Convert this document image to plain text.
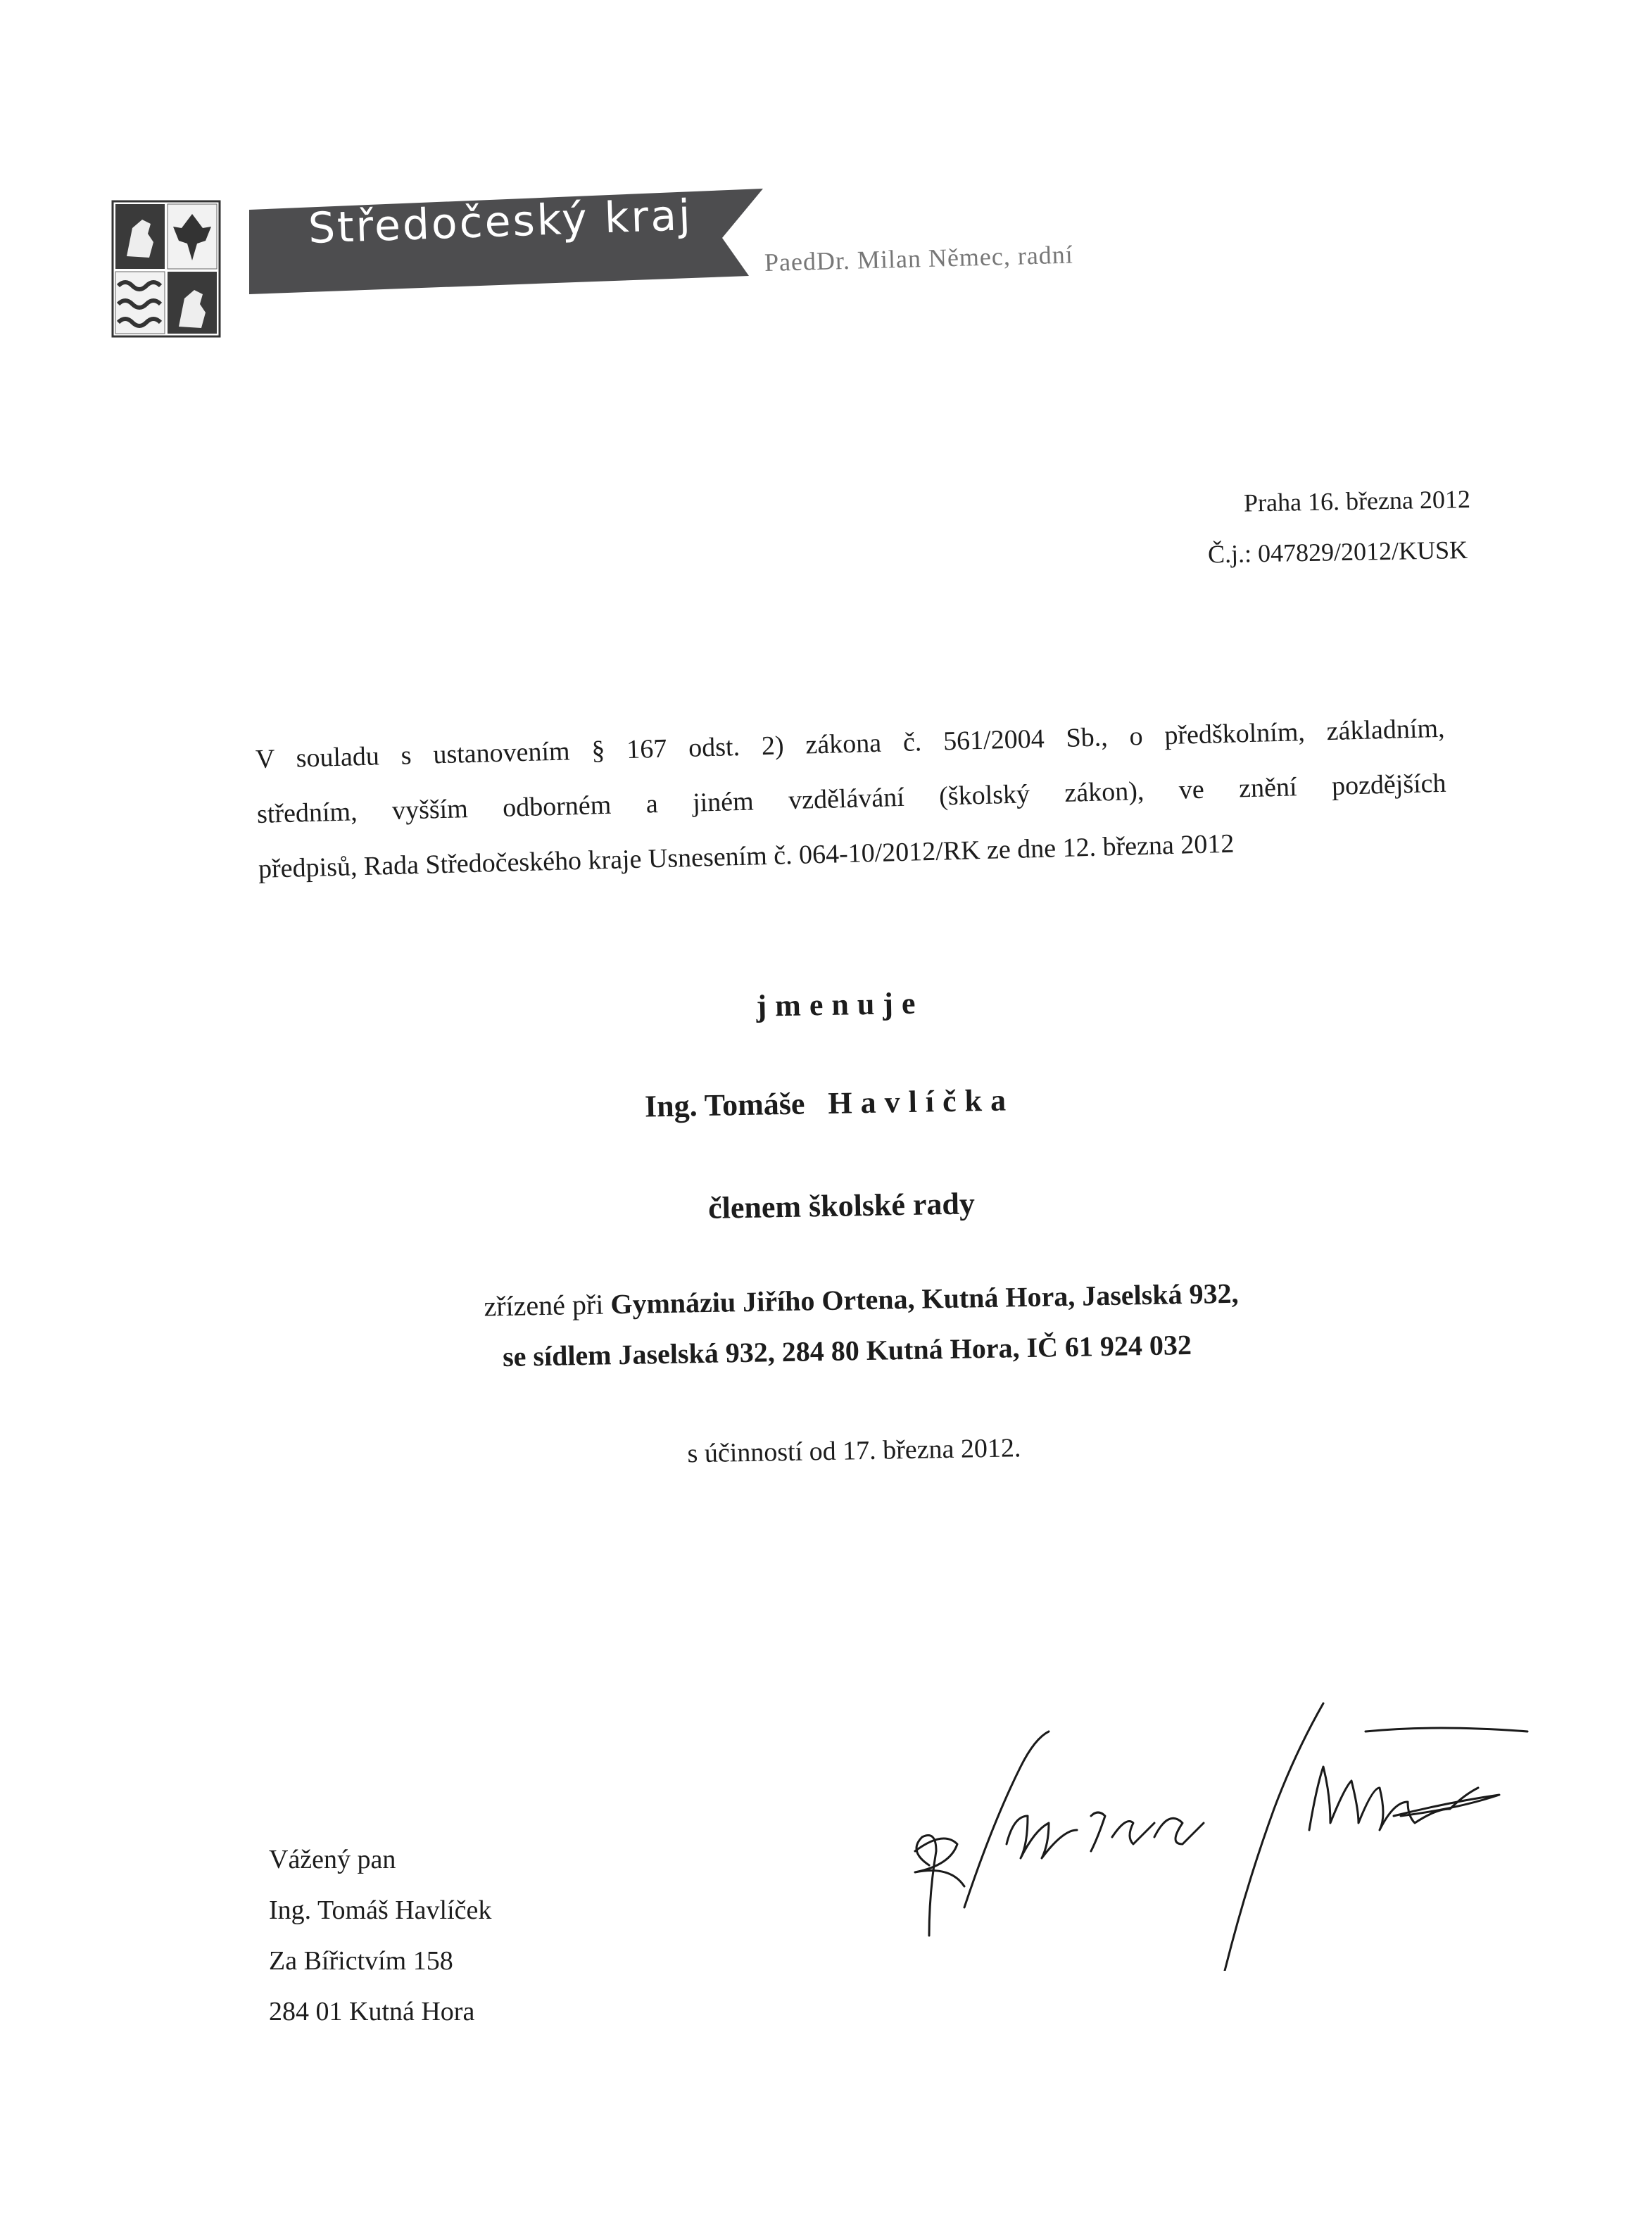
Středočeský kraj
PaedDr. Milan Němec, radní
Praha 16. března 2012
Č.j.: 047829/2012/KUSK
V souladu s ustanovením § 167 odst. 2) zákona č. 561/2004 Sb., o předškolním, základním,
středním, vyšším odborném a jiném vzdělávání (školský zákon), ve znění pozdějších
předpisů, Rada Středočeského kraje Usnesením č. 064-10/2012/RK ze dne 12. března 2012
jmenuje
Ing. Tomáše Havlíčka
členem školské rady
zřízené při Gymnáziu Jiřího Ortena, Kutná Hora, Jaselská 932,
se sídlem Jaselská 932, 284 80 Kutná Hora, IČ 61 924 032
s účinností od 17. března 2012.
Vážený pan
Ing. Tomáš Havlíček
Za Bířictvím 158
284 01 Kutná Hora
